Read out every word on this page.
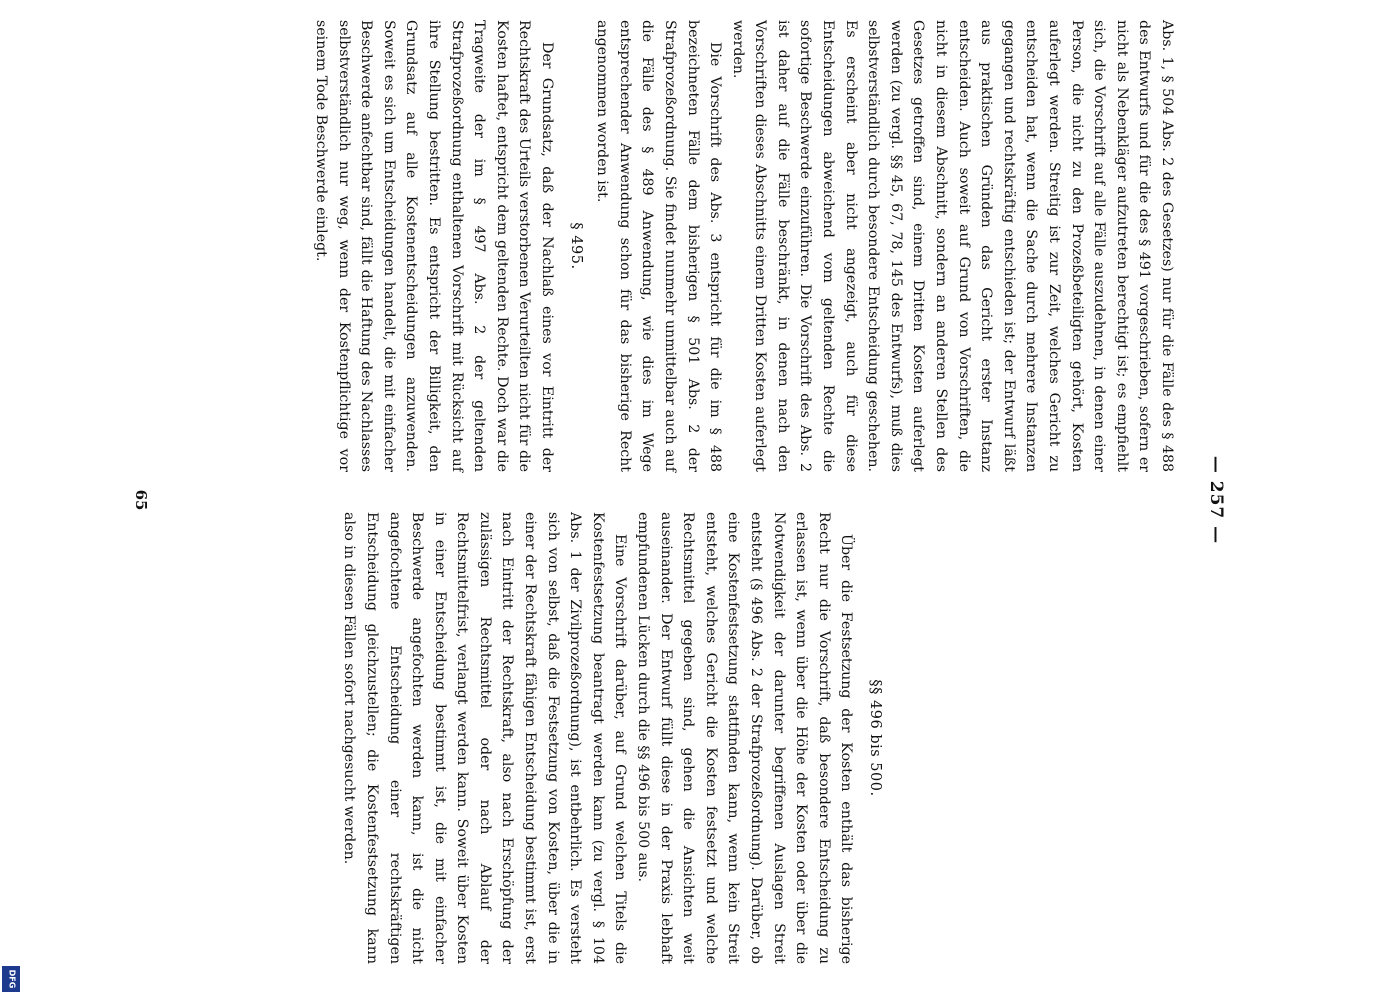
DFG
— 257 —

Abs. 1, § 504 Abs. 2 des Gesetzes) nur für die Fälle des § 488 des Entwurfs und für die des § 491 vorgeschrieben, sofern er nicht als Nebenkläger aufzutreten berechtigt ist; es empfiehlt sich, die Vorschrift auf alle Fälle auszudehnen, in denen einer Person, die nicht zu den Prozeßbeteiligten gehört, Kosten auferlegt werden. Streitig ist zur Zeit, welches Gericht zu entscheiden hat, wenn die Sache durch mehrere Instanzen gegangen und rechtskräftig entschieden ist; der Entwurf läßt aus praktischen Gründen das Gericht erster Instanz entscheiden. Auch soweit auf Grund von Vorschriften, die nicht in diesem Abschnitt, sondern an anderen Stellen des Gesetzes getroffen sind, einem Dritten Kosten auferlegt werden (zu vergl. §§ 45, 67, 78, 145 des Entwurfs), muß dies selbstverständlich durch besondere Entscheidung geschehen. Es erscheint aber nicht angezeigt, auch für diese Entscheidungen abweichend vom geltenden Rechte die sofortige Beschwerde einzuführen. Die Vorschrift des Abs. 2 ist daher auf die Fälle beschränkt, in denen nach den Vorschriften dieses Abschnitts einem Dritten Kosten auferlegt werden.

Die Vorschrift des Abs. 3 entspricht für die im § 488 bezeichneten Fälle dem bisherigen § 501 Abs. 2 der Strafprozeßordnung. Sie findet nunmehr unmittelbar auch auf die Fälle des § 489 Anwendung, wie dies im Wege entsprechender Anwendung schon für das bisherige Recht angenommen worden ist.

§ 495.

Der Grundsatz, daß der Nachlaß eines vor Eintritt der Rechtskraft des Urteils verstorbenen Verurteilten nicht für die Kosten haftet, entspricht dem geltenden Rechte. Doch war die Tragweite der im § 497 Abs. 2 der geltenden Strafprozeßordnung enthaltenen Vorschrift mit Rücksicht auf ihre Stellung bestritten. Es entspricht der Billigkeit, den Grundsatz auf alle Kostenentscheidungen anzuwenden. Soweit es sich um Entscheidungen handelt, die mit einfacher Beschwerde anfechtbar sind, fällt die Haftung des Nachlasses selbstverständlich nur weg, wenn der Kostenpflichtige vor seinem Tode Beschwerde einlegt.

§§ 496 bis 500.

Über die Festsetzung der Kosten enthält das bisherige Recht nur die Vorschrift, daß besondere Entscheidung zu erlassen ist, wenn über die Höhe der Kosten oder über die Notwendigkeit der darunter begriffenen Auslagen Streit entsteht (§ 496 Abs. 2 der Strafprozeßordnung). Darüber, ob eine Kostenfestsetzung stattfinden kann, wenn kein Streit entsteht, welches Gericht die Kosten festsetzt und welche Rechtsmittel gegeben sind, gehen die Ansichten weit auseinander. Der Entwurf füllt diese in der Praxis lebhaft empfundenen Lücken durch die §§ 496 bis 500 aus.

Eine Vorschrift darüber, auf Grund welchen Titels die Kostenfestsetzung beantragt werden kann (zu vergl. § 104 Abs. 1 der Zivilprozeßordnung), ist entbehrlich. Es versteht sich von selbst, daß die Festsetzung von Kosten, über die in einer der Rechtskraft fähigen Entscheidung bestimmt ist, erst nach Eintritt der Rechtskraft, also nach Erschöpfung der zulässigen Rechtsmittel oder nach Ablauf der Rechtsmittelfrist, verlangt werden kann. Soweit über Kosten in einer Entscheidung bestimmt ist, die mit einfacher Beschwerde angefochten werden kann, ist die nicht angefochtene Entscheidung einer rechtskräftigen Entscheidung gleichzustellen; die Kostenfestsetzung kann also in diesen Fällen sofort nachgesucht werden.

65
